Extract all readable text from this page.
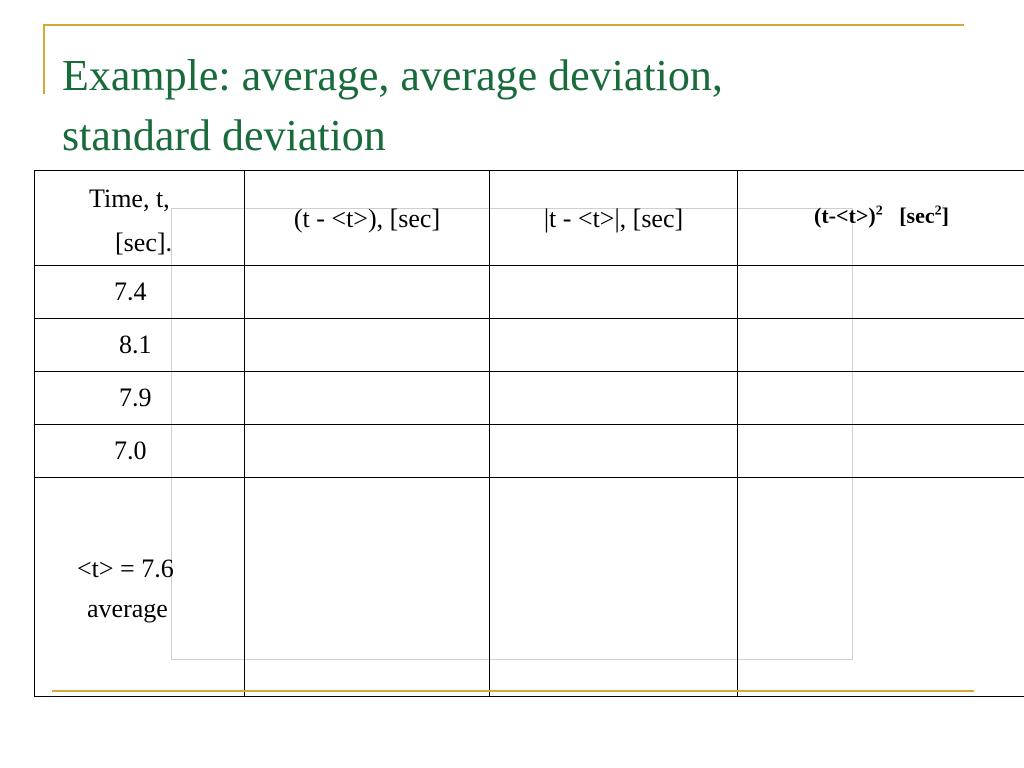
Example: average, average deviation,
standard deviation
Time, t,
[sec].	(t - <t>), [sec]	|t - <t>|, [sec]	(t-<t>)$^2$ $[\sec^2]$

7.4			

8.1			

7.9			

7.0			

<t> = 7.6
average			
